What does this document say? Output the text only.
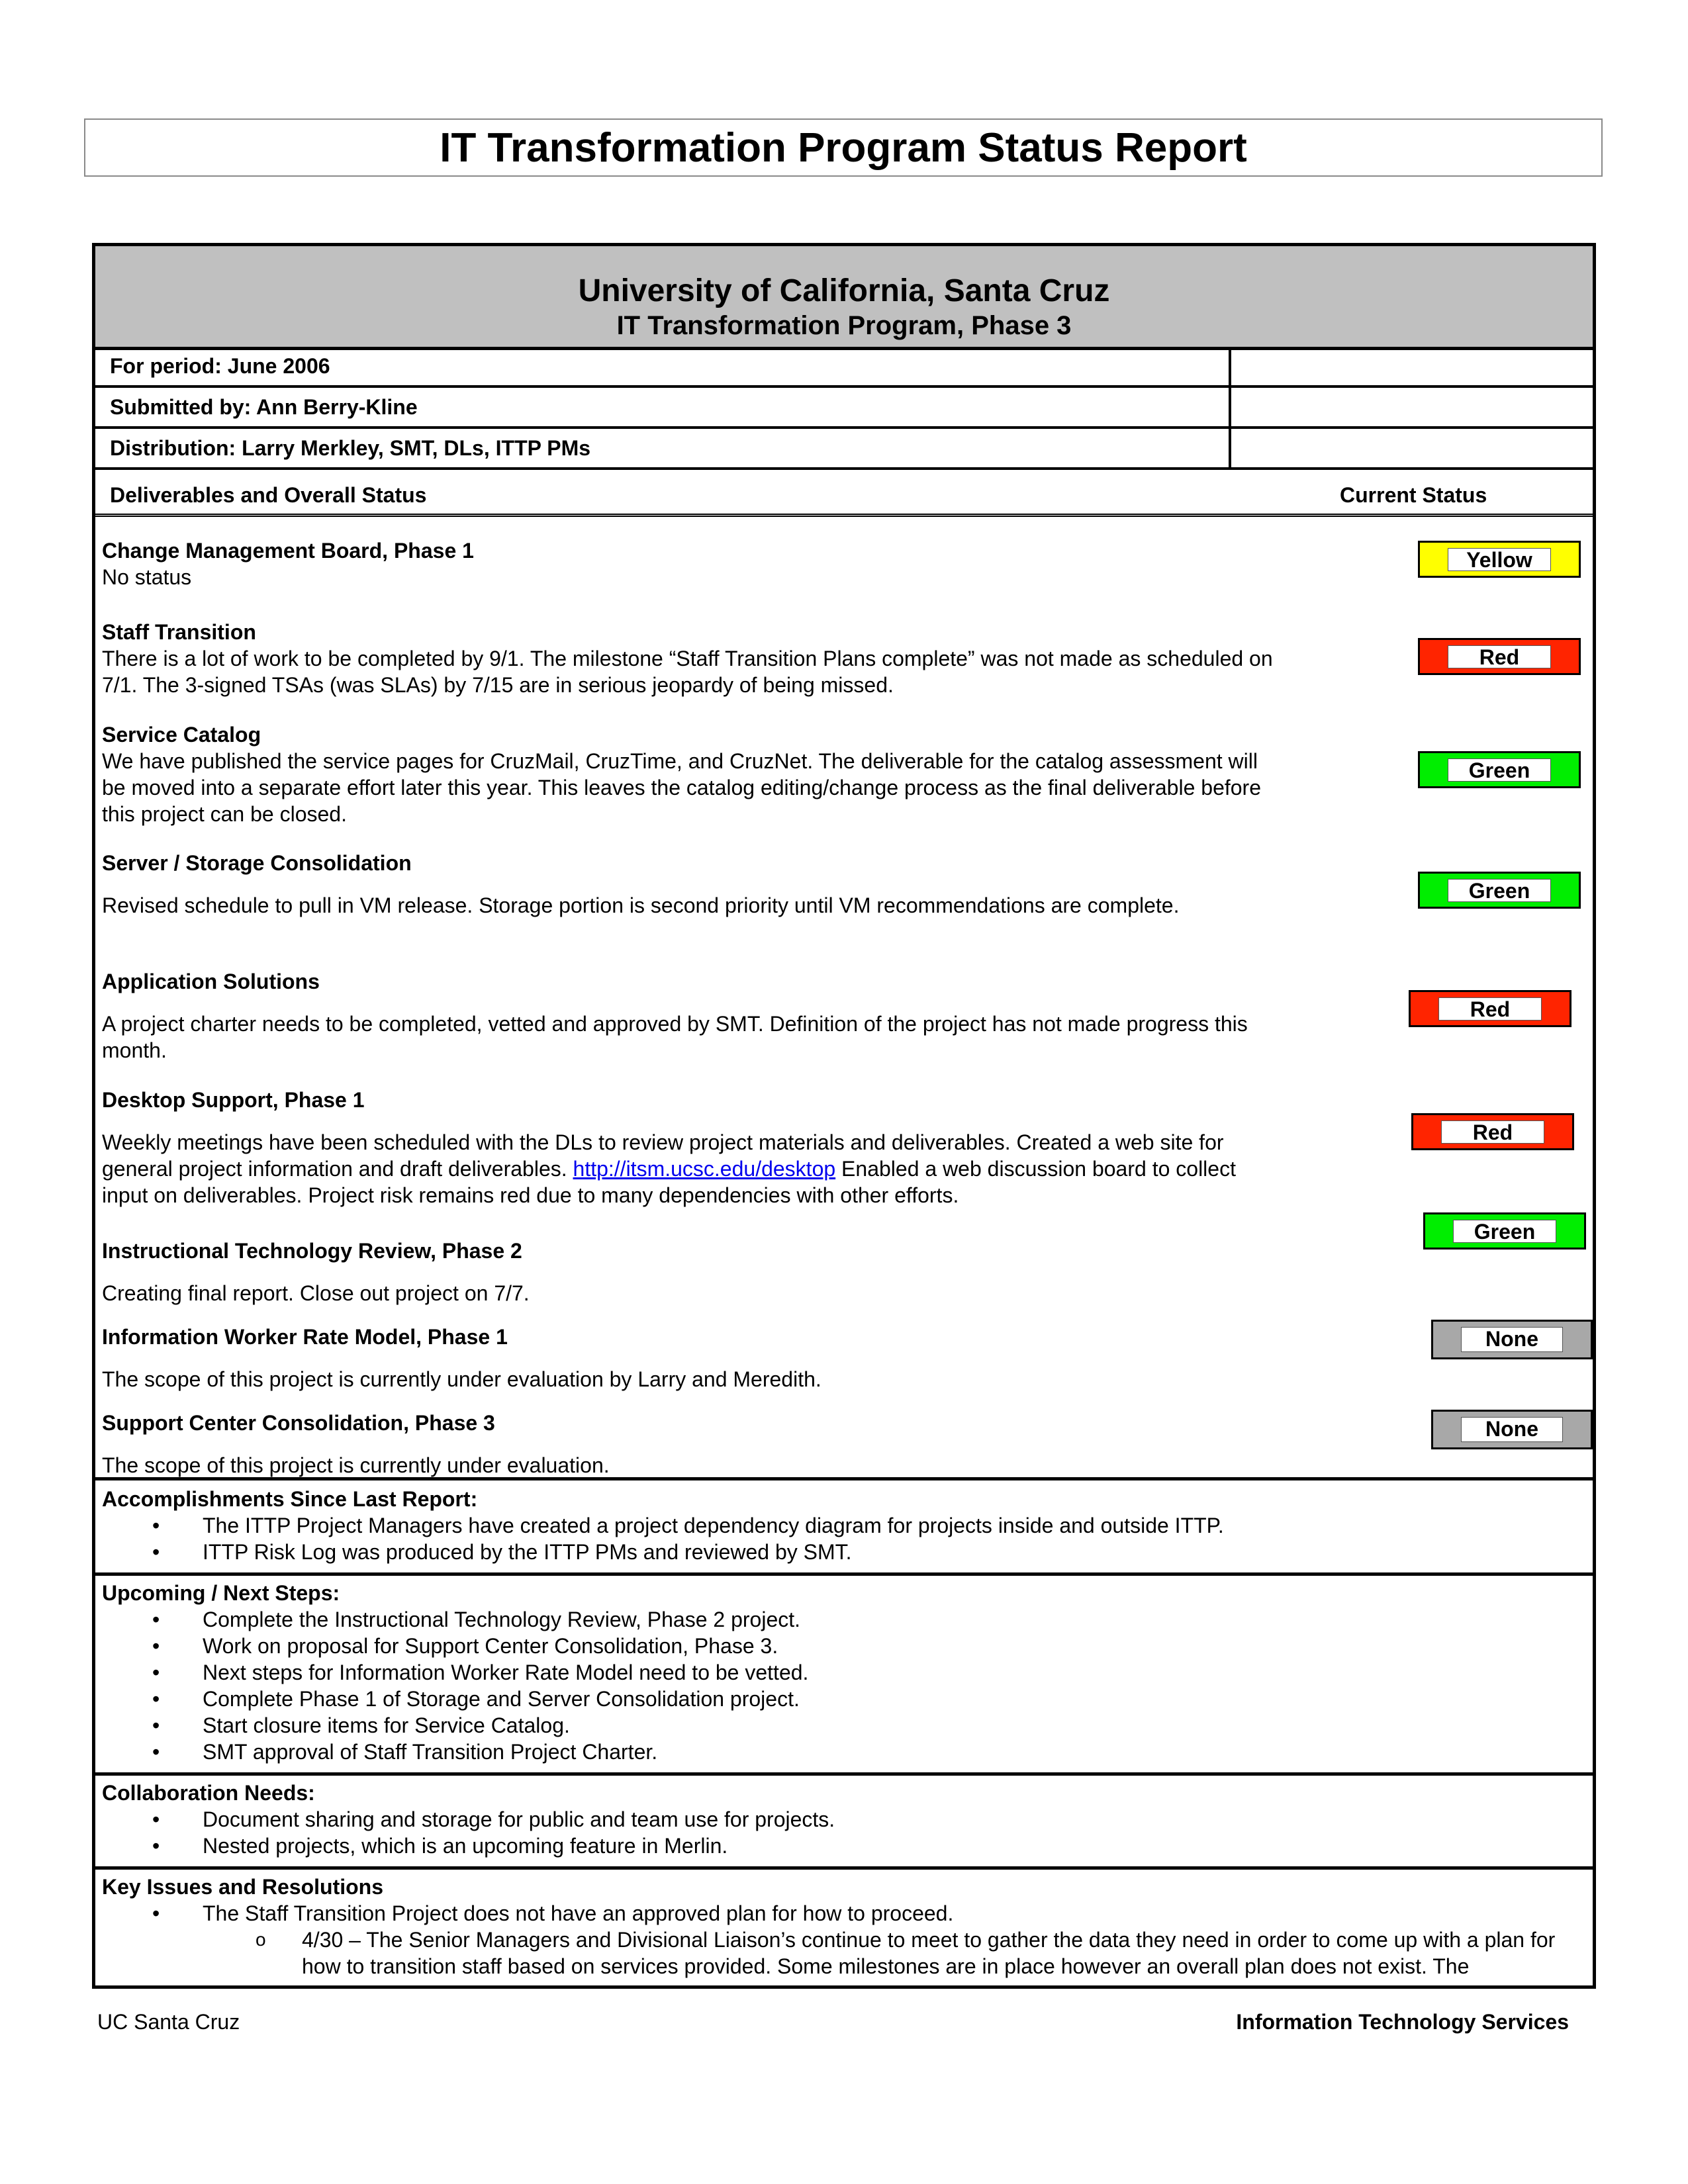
IT Transformation Program Status Report
University of California, Santa Cruz
IT Transformation Program, Phase 3
For period: June 2006
Submitted by: Ann Berry-Kline
Distribution: Larry Merkley, SMT, DLs, ITTP PMs
Deliverables and Overall Status	Current Status
Change Management Board, Phase 1
No status
Staff Transition
There is a lot of work to be completed by 9/1. The milestone “Staff Transition Plans complete” was not made as scheduled on 7/1. The 3-signed TSAs (was SLAs) by 7/15 are in serious jeopardy of being missed.
Service Catalog
We have published the service pages for CruzMail, CruzTime, and CruzNet. The deliverable for the catalog assessment will be moved into a separate effort later this year. This leaves the catalog editing/change process as the final deliverable before this project can be closed.
Server / Storage Consolidation
Revised schedule to pull in VM release. Storage portion is second priority until VM recommendations are complete.
Application Solutions
A project charter needs to be completed, vetted and approved by SMT. Definition of the project has not made progress this month.
Desktop Support, Phase 1
Weekly meetings have been scheduled with the DLs to review project materials and deliverables. Created a web site for general project information and draft deliverables. http://itsm.ucsc.edu/desktop Enabled a web discussion board to collect input on deliverables. Project risk remains red due to many dependencies with other efforts.
Instructional Technology Review, Phase 2
Creating final report. Close out project on 7/7.
Information Worker Rate Model, Phase 1
The scope of this project is currently under evaluation by Larry and Meredith.
Support Center Consolidation, Phase 3
The scope of this project is currently under evaluation.
Yellow
Red
Green
Green
Red
Red
Green
None
None
Accomplishments Since Last Report:
• The ITTP Project Managers have created a project dependency diagram for projects inside and outside ITTP.
• ITTP Risk Log was produced by the ITTP PMs and reviewed by SMT.
Upcoming / Next Steps:
• Complete the Instructional Technology Review, Phase 2 project.
• Work on proposal for Support Center Consolidation, Phase 3.
• Next steps for Information Worker Rate Model need to be vetted.
• Complete Phase 1 of Storage and Server Consolidation project.
• Start closure items for Service Catalog.
• SMT approval of Staff Transition Project Charter.
Collaboration Needs:
• Document sharing and storage for public and team use for projects.
• Nested projects, which is an upcoming feature in Merlin.
Key Issues and Resolutions
• The Staff Transition Project does not have an approved plan for how to proceed.
o 4/30 – The Senior Managers and Divisional Liaison’s continue to meet to gather the data they need in order to come up with a plan for how to transition staff based on services provided. Some milestones are in place however an overall plan does not exist. The
UC Santa Cruz	Information Technology Services
